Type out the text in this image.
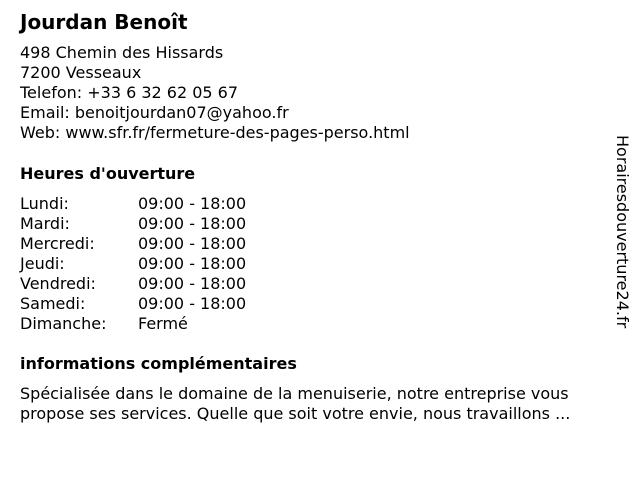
Jourdan Benoît
498 Chemin des Hissards
7200 Vesseaux
Telefon: +33 6 32 62 05 67
Email: benoitjourdan07@yahoo.fr
Web: www.sfr.fr/fermeture-des-pages-perso.html
Heures d'ouverture
Lundi:	09:00 - 18:00
Mardi:	09:00 - 18:00
Mercredi:	09:00 - 18:00
Jeudi:	09:00 - 18:00
Vendredi:	09:00 - 18:00
Samedi:	09:00 - 18:00
Dimanche: Fermé
informations complémentaires
Spécialisée dans le domaine de la menuiserie, notre entreprise vous
propose ses services. Quelle que soit votre envie, nous travaillons ...
Horairesdouverture24.fr
